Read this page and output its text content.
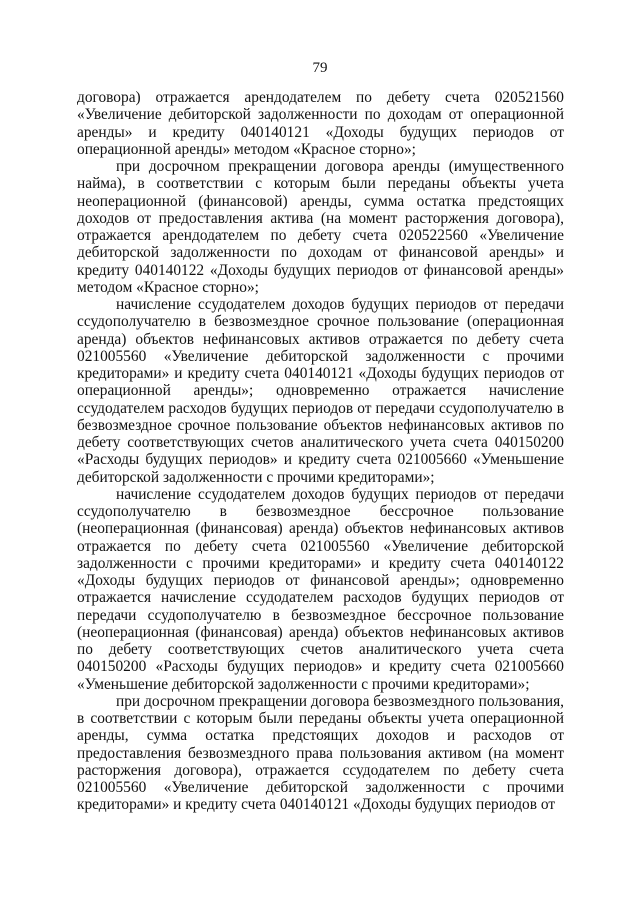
79

договора) отражается арендодателем по дебету счета 020521560 «Увеличение дебиторской задолженности по доходам от операционной аренды» и кредиту 040140121 «Доходы будущих периодов от операционной аренды» методом «Красное сторно»;

при досрочном прекращении договора аренды (имущественного найма), в соответствии с которым были переданы объекты учета неоперационной (финансовой) аренды, сумма остатка предстоящих доходов от предоставления актива (на момент расторжения договора), отражается арендодателем по дебету счета 020522560 «Увеличение дебиторской задолженности по доходам от финансовой аренды» и кредиту 040140122 «Доходы будущих периодов от финансовой аренды» методом «Красное сторно»;

начисление ссудодателем доходов будущих периодов от передачи ссудополучателю в безвозмездное срочное пользование (операционная аренда) объектов нефинансовых активов отражается по дебету счета 021005560 «Увеличение дебиторской задолженности с прочими кредиторами» и кредиту счета 040140121 «Доходы будущих периодов от операционной аренды»; одновременно отражается начисление ссудодателем расходов будущих периодов от передачи ссудополучателю в безвозмездное срочное пользование объектов нефинансовых активов по дебету соответствующих счетов аналитического учета счета 040150200 «Расходы будущих периодов» и кредиту счета 021005660 «Уменьшение дебиторской задолженности с прочими кредиторами»;

начисление ссудодателем доходов будущих периодов от передачи ссудополучателю в безвозмездное бессрочное пользование (неоперационная (финансовая) аренда) объектов нефинансовых активов отражается по дебету счета 021005560 «Увеличение дебиторской задолженности с прочими кредиторами» и кредиту счета 040140122 «Доходы будущих периодов от финансовой аренды»; одновременно отражается начисление ссудодателем расходов будущих периодов от передачи ссудополучателю в безвозмездное бессрочное пользование (неоперационная (финансовая) аренда) объектов нефинансовых активов по дебету соответствующих счетов аналитического учета счета 040150200 «Расходы будущих периодов» и кредиту счета 021005660 «Уменьшение дебиторской задолженности с прочими кредиторами»;

при досрочном прекращении договора безвозмездного пользования, в соответствии с которым были переданы объекты учета операционной аренды, сумма остатка предстоящих доходов и расходов от предоставления безвозмездного права пользования активом (на момент расторжения договора), отражается ссудодателем по дебету счета 021005560 «Увеличение дебиторской задолженности с прочими кредиторами» и кредиту счета 040140121 «Доходы будущих периодов от
